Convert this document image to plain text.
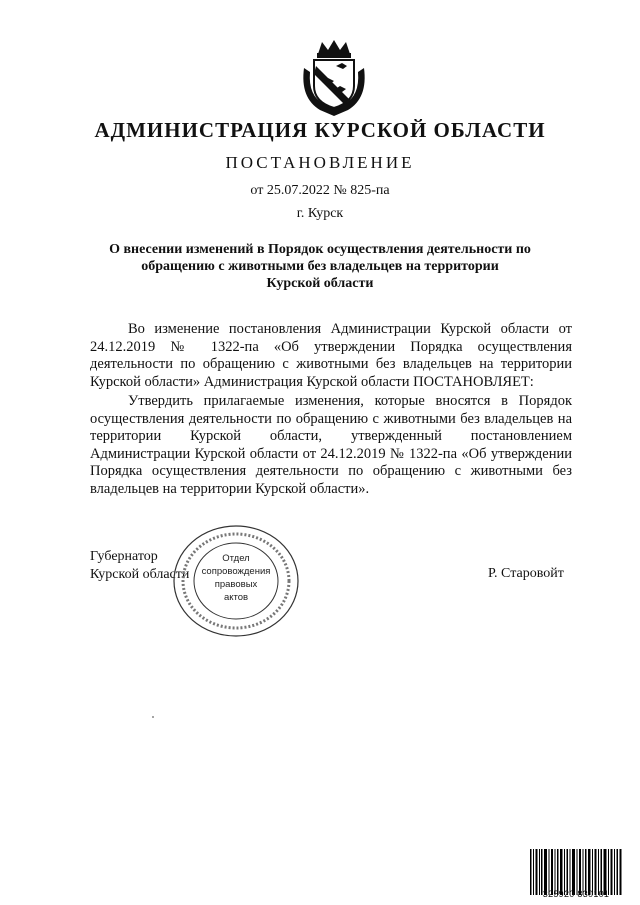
АДМИНИСТРАЦИЯ КУРСКОЙ ОБЛАСТИ
ПОСТАНОВЛЕНИЕ
от 25.07.2022 № 825-па
г. Курск
О внесении изменений в Порядок осуществления деятельности по
обращению с животными без владельцев на территории
Курской области
Во изменение постановления Администрации Курской области от 24.12.2019 № 1322-па «Об утверждении Порядка осуществления деятельности по обращению с животными без владельцев на территории Курской области» Администрация Курской области ПОСТАНОВЛЯЕТ:
Утвердить прилагаемые изменения, которые вносятся в Порядок осуществления деятельности по обращению с животными без владельцев на территории Курской области, утвержденный постановлением Администрации Курской области от 24.12.2019 № 1322-па «Об утверждении Порядка осуществления деятельности по обращению с животными без владельцев на территории Курской области».
Губернатор
Курской области	Р. Старовойт
Отдел
сопровождения
правовых
актов
325920 830101
